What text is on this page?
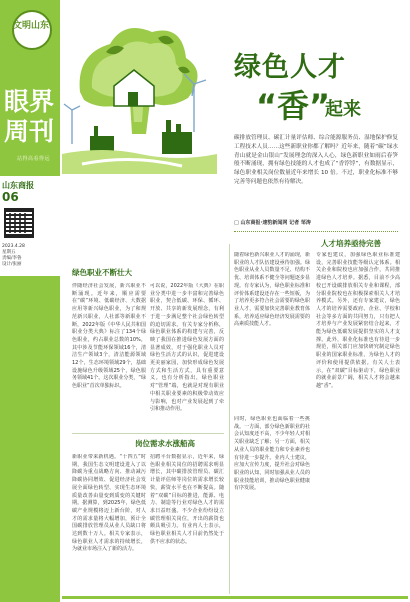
文明山东
眼界
周刊
站得高看得远
山东商报
06
2023.4.28
星期五
责编/李鲁
设计/张丽
绿色人才
“香”
起来
碳排放管理员、碳汇计量评估师、综合能源服务员、湿地保护修复工程技术人员……这些新职业你都了解吗？近年来，随着“碳”绿水青山就是金山银山”发展理念的深入人心，绿色新职业如雨后春笋般不断涌现，拥有绿色技能的人才也成了“香饽饽”，有数据显示，绿色职业相关岗位数量近年来增长 10 倍。不过，职业化标准不够完善等问题也依然有待解决。
□ 山东商报·速豹新闻网 记者 邹涛
人才培养亟待完善
绿色职业不断壮大
岗位需求水涨船高
伴随经济社会发展，新兴职业不断涌现。近年来，顺应需要在“碳”环境、低碳经济、大数据应用等新兴绿色职业，为了和规范新兴职业，人社部等新职业不断，2022年版《中华人民共和国职业分类大典》标注了134个绿色职业，约占职业总数的10%，其中涉及节能环保领域16个，清洁生产领域3个，清洁能源领域12个，生态环境领域29个，基础设施绿色升级领域25个，绿色服务领域41个。这次职业分类，“绿色职业”首次单独标识。
可以说，2022年版《大典》在职业分类中进一步丰富和完善绿色职业，契合低碳、环保、循环、开放、共享的新发展理念，有利于进一步满足整个社会绿色转型的迫切需求。有关专家分析称，绿色职业体系的构建与完善，反映了我国在推进绿色发展方面的显著成效，对于强化职业人员对绿色生活方式的认识，促进建设更美丽家园，加快形成绿色发展方式和生活方式，具有重要意义。也有分析指出，绿色职业对“管理”端，也就是对现有职业中相关职业要素的积极带动效应与影响，也对产业发展起到了牵引和推动作用。
随着绿色新兴职业人才的涌现，新职业的人才队伍建设亟待加强。绿色职业从业人员数量不足、结构不优、培训体系不健全等问题逐步显现。有专家认为，绿色职业标准和评价体系建设还存在一些短板，为了培养更多符合社会需要的绿色职业人才，需要加快完善职业教育体系，培养适应绿色经济发展需要的高素质技能人才。
专家也建议，加强绿色职业标准建设，完善职业技能等级认定体系。相关企业和院校也应加强合作，共同推进绿色人才培养。据悉，目前不少高校已开设碳排放相关专业和课程，部分职业院校也在积极探索相关人才培养模式。另外，还有专家建议，绿色人才的培养需要政府、企业、学校和社会等多方面的共同努力，只有把人才培养与产业发展紧密结合起来，才能为绿色低碳发展提供坚实的人才支撑。此外，职业化标准也有待进一步规范，相关部门应加快研究制定绿色职业的国家职业标准，为绿色人才的评价和使用提供依据。有关人士表示，在“双碳”目标驱动下，绿色职业的就业前景广阔，相关人才将会越来越“香”。
新职业带来新机遇。“十四五”时期，我国生态文明建设进入了以降碳为重点战略方向、推动减污降碳协同增效、促进经济社会发展全面绿色转型、实现生态环境质量改善由量变到质变的关键时期。据测算，到2025年，绿色低碳产业规模将迈上新台阶，对人才的需求量将大幅增加，预计全国碳排放管理员从业人员缺口将达到数十万人。相关专家表示，绿色职业人才需求的持续增长，为就业市场注入了新的活力。
招聘平台数据显示，近年来，绿色职业相关岗位的招聘需求明显增长，其中碳排放管理员、碳汇计量评估师等岗位的需求增长较快，薪资水平也在不断提高。随着“双碳”目标的推进，能源、电力、制造等行业对绿色人才的需求日益旺盛。不少企业纷纷设立碳管理相关岗位，开出的薪资也颇具吸引力。有业内人士表示，绿色职业相关人才目前仍然处于供不应求的状态。
同时，绿色职业也面临着一些挑战。一方面，部分绿色新职业的社会认知度还不高，不少年轻人对相关职业缺乏了解；另一方面，相关从业人员的职业能力和专业素养也有待进一步提升。业内人士建议，应加大宣传力度，提升社会对绿色职业的认知，同时加强从业人员的职业技能培训，推动绿色职业健康有序发展。
